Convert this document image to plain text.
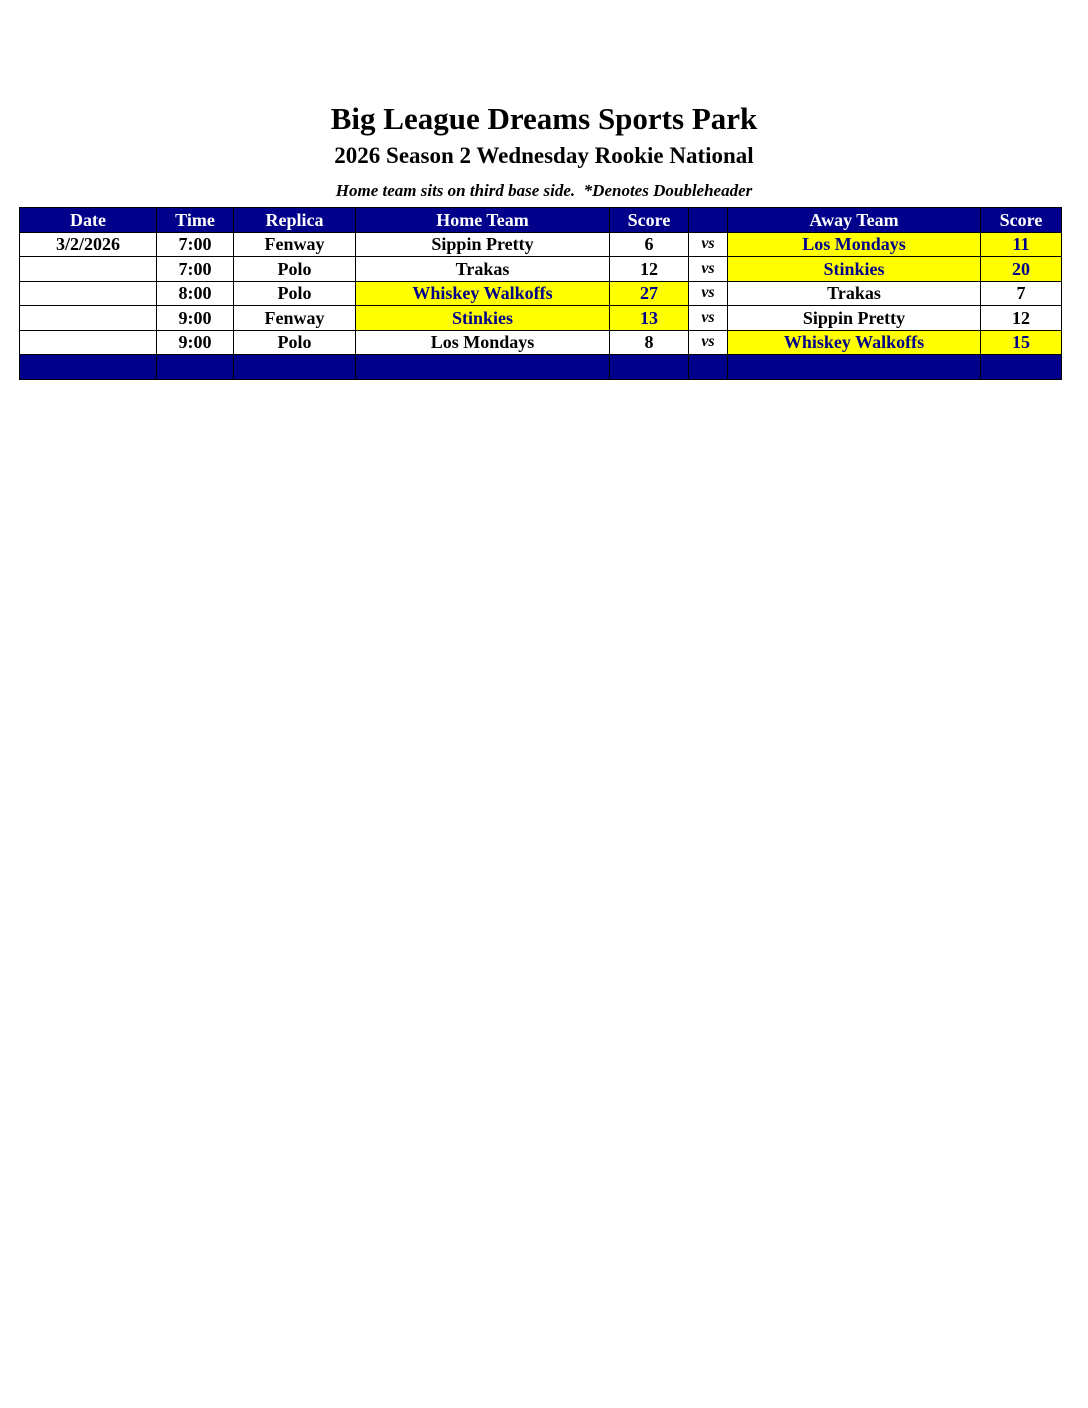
Big League Dreams Sports Park
2026 Season 2 Wednesday Rookie National
Home team sits on third base side.  *Denotes Doubleheader
Date	Time	Replica	Home Team	Score		Away Team	Score
3/2/2026	7:00	Fenway	Sippin Pretty	6	vs	Los Mondays	11
	7:00	Polo	Trakas	12	vs	Stinkies	20
	8:00	Polo	Whiskey Walkoffs	27	vs	Trakas	7
	9:00	Fenway	Stinkies	13	vs	Sippin Pretty	12
	9:00	Polo	Los Mondays	8	vs	Whiskey Walkoffs	15
